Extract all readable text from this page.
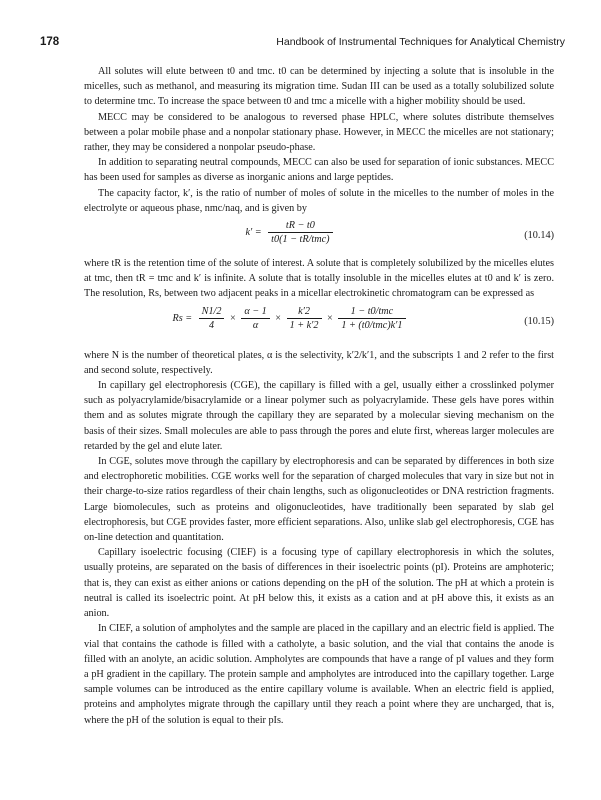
178	Handbook of Instrumental Techniques for Analytical Chemistry

All solutes will elute between t0 and tmc. t0 can be determined by injecting a solute that is insoluble in the micelles, such as methanol, and measuring its migration time. Sudan III can be used as a totally solubilized solute to determine tmc. To increase the space between t0 and tmc a micelle with a higher mobility should be used.

MECC may be considered to be analogous to reversed phase HPLC, where solutes distribute themselves between a polar mobile phase and a nonpolar stationary phase. However, in MECC the micelles are not stationary; rather, they may be considered a nonpolar pseudo-phase.

In addition to separating neutral compounds, MECC can also be used for separation of ionic substances. MECC has been used for samples as diverse as inorganic anions and large peptides.

The capacity factor, k′, is the ratio of number of moles of solute in the micelles to the number of moles in the electrolyte or aqueous phase, nmc/naq, and is given by

$k' = \frac{tR - t0}{\text{t0(1 − tR/tmc)}}$	(10.14)

where tR is the retention time of the solute of interest. A solute that is completely solubilized by the micelles elutes at tmc, then tR = tmc and k′ is infinite. A solute that is totally insoluble in the micelles elutes at t0 and k′ is zero. The resolution, Rs, between two adjacent peaks in a micellar electrokinetic chromatogram can be expressed as

$Rs = \frac{N1/2}{4} \times \frac{\alpha - 1}{\alpha} \times \frac{k'2}{1 + k'2} \times \frac{\text{1 − t0/tmc}}{\text{1 + (t0/tmc)k′1}}$	(10.15)

where N is the number of theoretical plates, α is the selectivity, k′2/k′1, and the subscripts 1 and 2 refer to the first and second solute, respectively.

In capillary gel electrophoresis (CGE), the capillary is filled with a gel, usually either a crosslinked polymer such as polyacrylamide/bisacrylamide or a linear polymer such as polyacrylamide. These gels have pores within them and as solutes migrate through the capillary they are separated by a molecular sieving mechanism on the basis of their sizes. Small molecules are able to pass through the pores and elute first, whereas larger molecules are retarded by the gel and elute later.

In CGE, solutes move through the capillary by electrophoresis and can be separated by differences in both size and electrophoretic mobilities. CGE works well for the separation of charged molecules that vary in size but not in their charge-to-size ratios regardless of their chain lengths, such as oligonucleotides or DNA restriction fragments. Large biomolecules, such as proteins and oligonucleotides, have traditionally been separated by slab gel electrophoresis, but CGE provides faster, more efficient separations. Also, unlike slab gel electrophoresis, CGE has on-line detection and quantitation.

Capillary isoelectric focusing (CIEF) is a focusing type of capillary electrophoresis in which the solutes, usually proteins, are separated on the basis of differences in their isoelectric points (pI). Proteins are amphoteric; that is, they can exist as either anions or cations depending on the pH of the solution. The pH at which a protein is neutral is called its isoelectric point. At pH below this, it exists as a cation and at pH above this, it exists as an anion.

In CIEF, a solution of ampholytes and the sample are placed in the capillary and an electric field is applied. The vial that contains the cathode is filled with a catholyte, a basic solution, and the vial that contains the anode is filled with an anolyte, an acidic solution. Ampholytes are compounds that have a range of pI values and they form a pH gradient in the capillary. The protein sample and ampholytes are introduced into the capillary together. Large sample volumes can be introduced as the entire capillary volume is available. When an electric field is applied, proteins and ampholytes migrate through the capillary until they reach a point where they are uncharged, that is, where the pH of the solution is equal to their pIs.
